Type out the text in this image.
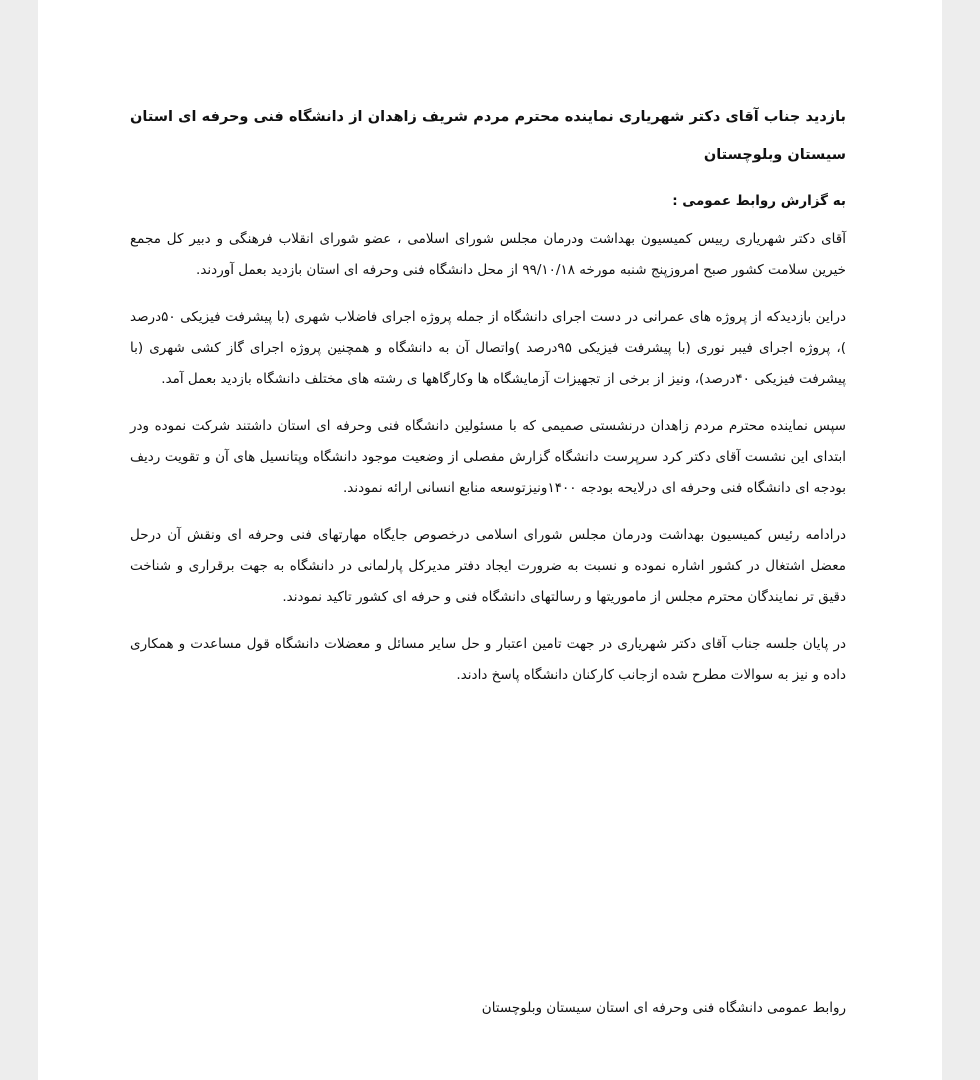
بازدید جناب آقای دکتر شهریاری نماینده محترم مردم شریف زاهدان از دانشگاه فنی وحرفه ای استان سیستان وبلوچستان
به گزارش روابط عمومی :

آقای دکتر شهریاری رییس کمیسیون بهداشت ودرمان مجلس شورای اسلامی ، عضو شورای انقلاب فرهنگی و دبیر کل مجمع خیرین سلامت کشور صبح امروزپنج شنبه مورخه ۹۹/۱۰/۱۸ از محل دانشگاه فنی وحرفه ای استان بازدید بعمل آوردند.

دراین بازدیدکه از پروژه های عمرانی در دست اجرای دانشگاه از جمله پروژه اجرای فاضلاب شهری (با پیشرفت فیزیکی ۵۰درصد )، پروژه اجرای فیبر نوری (با پیشرفت فیزیکی ۹۵درصد )واتصال آن به دانشگاه و همچنین پروژه اجرای گاز کشی شهری (با پیشرفت فیزیکی ۴۰درصد)، ونیز از برخی از تجهیزات آزمایشگاه ها وکارگاهها ی رشته های مختلف دانشگاه بازدید بعمل آمد.

سپس نماینده محترم مردم زاهدان درنشستی صمیمی که با مسئولین دانشگاه فنی وحرفه ای استان داشتند شرکت نموده ودر ابتدای این نشست آقای دکتر کرد سرپرست دانشگاه گزارش مفصلی از وضعیت موجود دانشگاه وپتانسیل های آن و تقویت ردیف بودجه ای دانشگاه فنی وحرفه ای درلایحه بودجه ۱۴۰۰ونیزتوسعه منابع انسانی ارائه نمودند.

درادامه رئیس کمیسیون بهداشت ودرمان مجلس شورای اسلامی درخصوص جایگاه مهارتهای فنی وحرفه ای ونقش آن درحل معضل اشتغال در کشور اشاره نموده و نسبت به ضرورت ایجاد دفتر مدیرکل پارلمانی در دانشگاه به جهت برقراری و شناخت دقیق تر نمایندگان محترم مجلس از ماموریتها و رسالتهای دانشگاه فنی و حرفه ای کشور تاکید نمودند.

در پایان جلسه جناب آقای دکتر شهریاری در جهت تامین اعتبار و حل سایر مسائل و معضلات دانشگاه قول مساعدت و همکاری داده و نیز به سوالات مطرح شده ازجانب کارکنان دانشگاه پاسخ دادند.

روابط عمومی دانشگاه فنی وحرفه ای استان سیستان وبلوچستان
